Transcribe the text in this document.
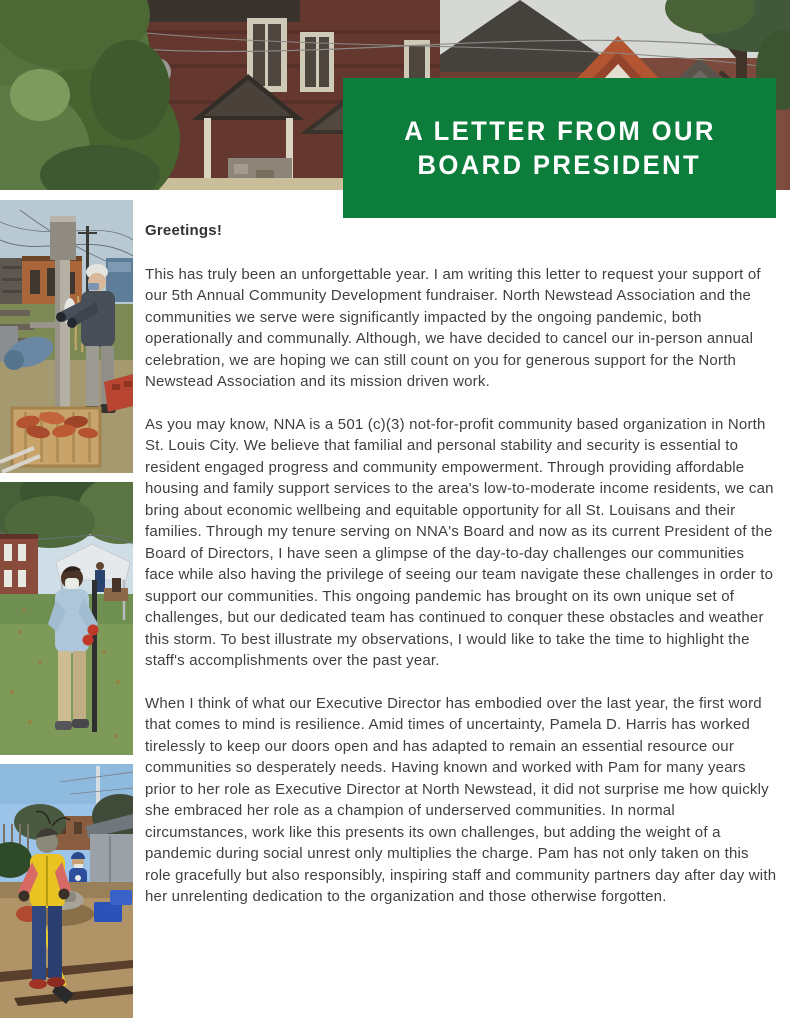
A LETTER FROM OUR
BOARD PRESIDENT

Greetings!

This has truly been an unforgettable year. I am writing this letter to request your support of our 5th Annual Community Development fundraiser. North Newstead Association and the communities we serve were significantly impacted by the ongoing pandemic, both operationally and communally. Although, we have decided to cancel our in-person annual celebration, we are hoping we can still count on you for generous support for the North Newstead Association and its mission driven work.

As you may know, NNA is a 501 (c)(3) not-for-profit community based organization in North St. Louis City. We believe that familial and personal stability and security is essential to resident engaged progress and community empowerment. Through providing affordable housing and family support services to the area's low-to-moderate income residents, we can bring about economic wellbeing and equitable opportunity for all St. Louisans and their families. Through my tenure serving on NNA's Board and now as its current President of the Board of Directors, I have seen a glimpse of the day-to-day challenges our communities face while also having the privilege of seeing our team navigate these challenges in order to support our communities. This ongoing pandemic has brought on its own unique set of challenges, but our dedicated team has continued to conquer these obstacles and weather this storm. To best illustrate my observations, I would like to take the time to highlight the staff's accomplishments over the past year.

When I think of what our Executive Director has embodied over the last year, the first word that comes to mind is resilience. Amid times of uncertainty, Pamela D. Harris has worked tirelessly to keep our doors open and has adapted to remain an essential resource our communities so desperately needs. Having known and worked with Pam for many years prior to her role as Executive Director at North Newstead, it did not surprise me how quickly she embraced her role as a champion of underserved communities. In normal circumstances, work like this presents its own challenges, but adding the weight of a pandemic during social unrest only multiplies the charge. Pam has not only taken on this role gracefully but also responsibly, inspiring staff and community partners day after day with her unrelenting dedication to the organization and those otherwise forgotten.
